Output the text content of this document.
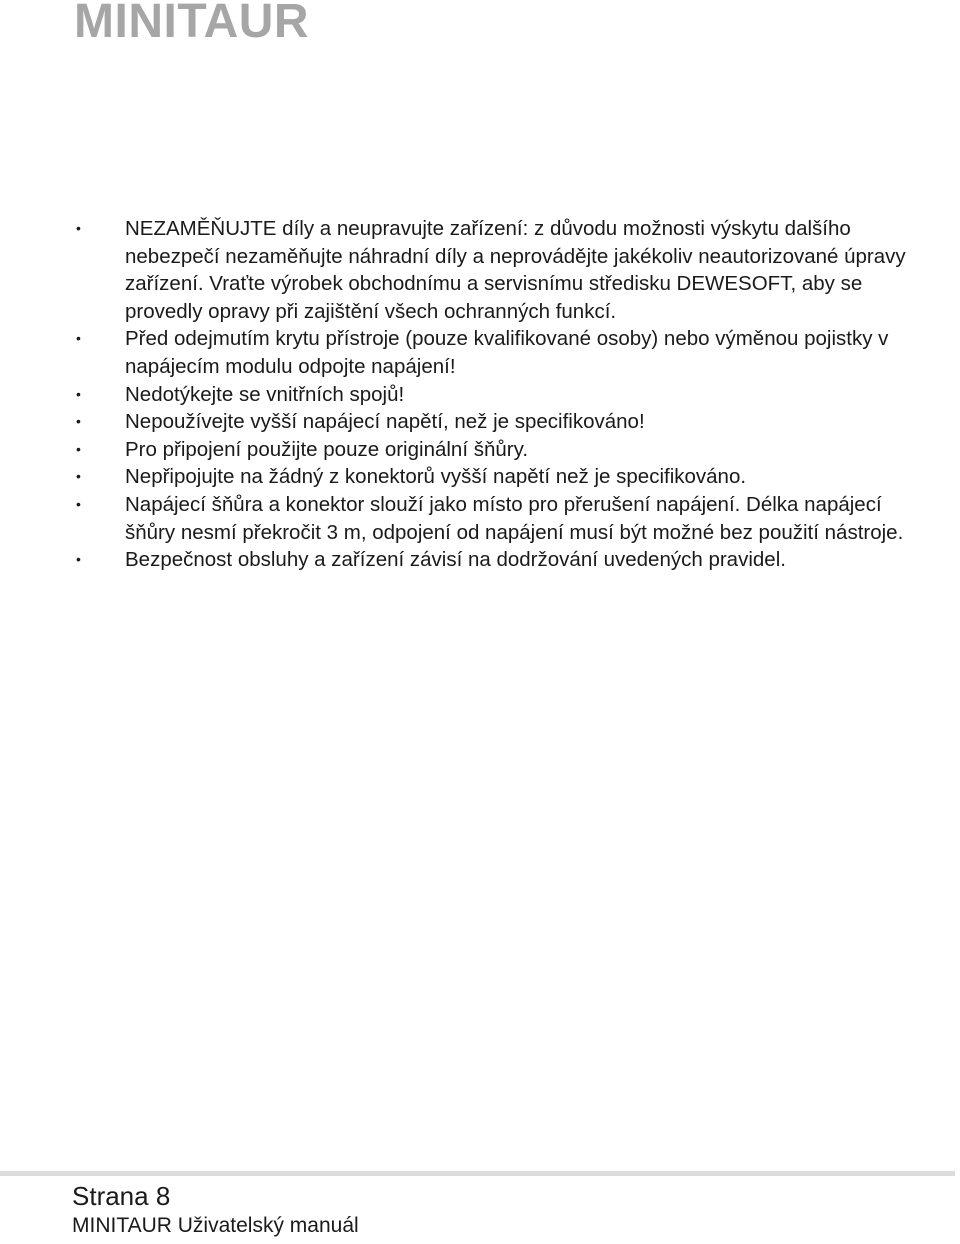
MINITAUR
• NEZAMĚŇUJTE díly a neupravujte zařízení: z důvodu možnosti výskytu dalšího nebezpečí nezaměňujte náhradní díly a neprovádějte jakékoliv neautorizované úpravy zařízení. Vraťte výrobek obchodnímu a servisnímu středisku DEWESOFT, aby se provedly opravy při zajištění všech ochranných funkcí.
• Před odejmutím krytu přístroje (pouze kvalifikované osoby) nebo výměnou pojistky v napájecím modulu odpojte napájení!
• Nedotýkejte se vnitřních spojů!
• Nepoužívejte vyšší napájecí napětí, než je specifikováno!
• Pro připojení použijte pouze originální šňůry.
• Nepřipojujte na žádný z konektorů vyšší napětí než je specifikováno.
• Napájecí šňůra a konektor slouží jako místo pro přerušení napájení. Délka napájecí šňůry nesmí překročit 3 m, odpojení od napájení musí být možné bez použití nástroje.
• Bezpečnost obsluhy a zařízení závisí na dodržování uvedených pravidel.
Strana 8
MINITAUR Uživatelský manuál
